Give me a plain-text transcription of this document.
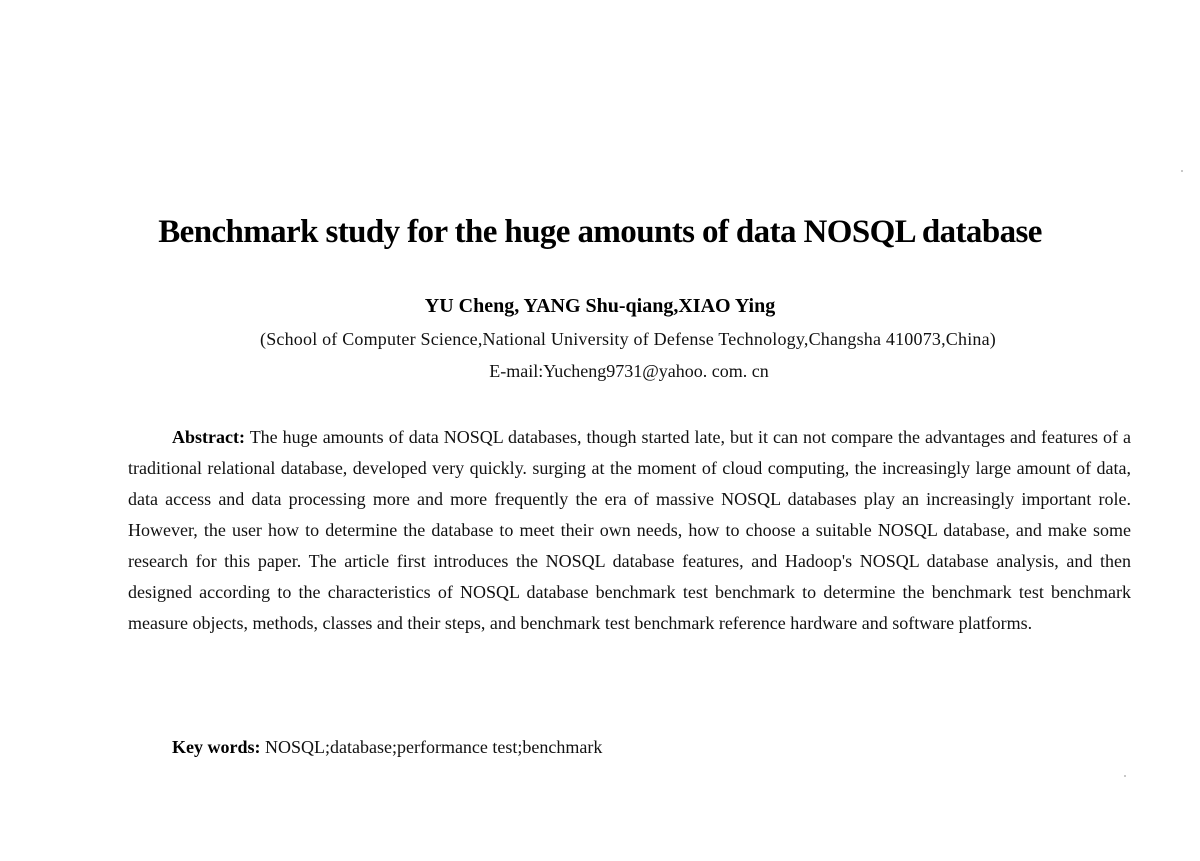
Benchmark study for the huge amounts of data NOSQL database
YU Cheng, YANG Shu-qiang,XIAO Ying
(School of Computer Science,National University of Defense Technology,Changsha 410073,China)
E-mail:Yucheng9731@yahoo. com. cn
Abstract: The huge amounts of data NOSQL databases, though started late, but it can not compare the advantages and features of a traditional relational database, developed very quickly. surging at the moment of cloud computing, the increasingly large amount of data, data access and data processing more and more frequently the era of massive NOSQL databases play an increasingly important role. However, the user how to determine the database to meet their own needs, how to choose a suitable NOSQL database, and make some research for this paper. The article first introduces the NOSQL database features, and Hadoop's NOSQL database analysis, and then designed according to the characteristics of NOSQL database benchmark test benchmark to determine the benchmark test benchmark measure objects, methods, classes and their steps, and benchmark test benchmark reference hardware and software platforms.
Key words: NOSQL;database;performance test;benchmark
